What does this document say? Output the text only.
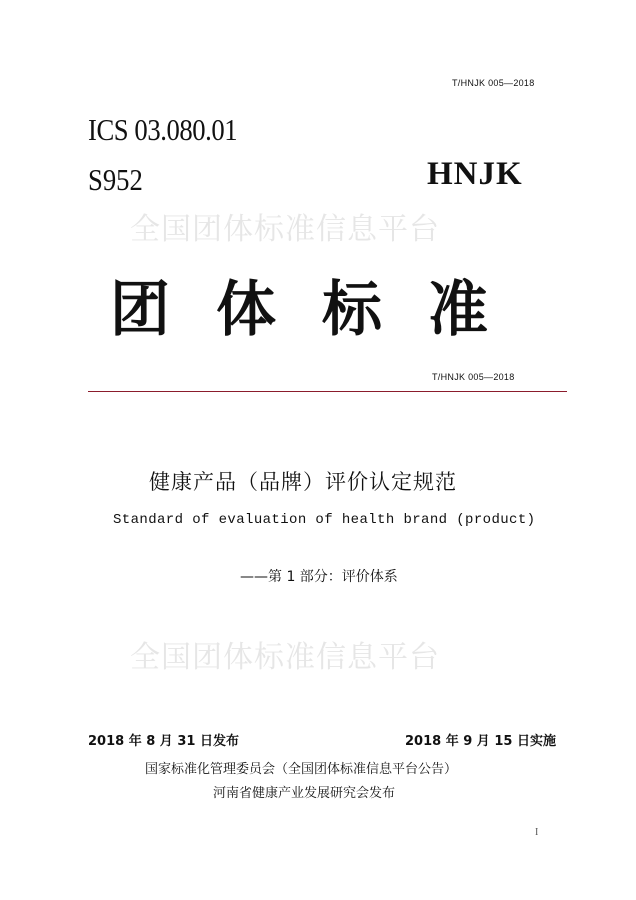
T/HNJK 005—2018
ICS 03.080.01
S952	HNJK
全国团体标准信息平台
团体标准
T/HNJK 005—2018
健康产品（品牌）评价认定规范
Standard of evaluation of health brand (product)
——第 1 部分：评价体系
全国团体标准信息平台
2018 年 8 月 31 日发布	2018 年 9 月 15 日实施
国家标准化管理委员会（全国团体标准信息平台公告）
河南省健康产业发展研究会发布
I
